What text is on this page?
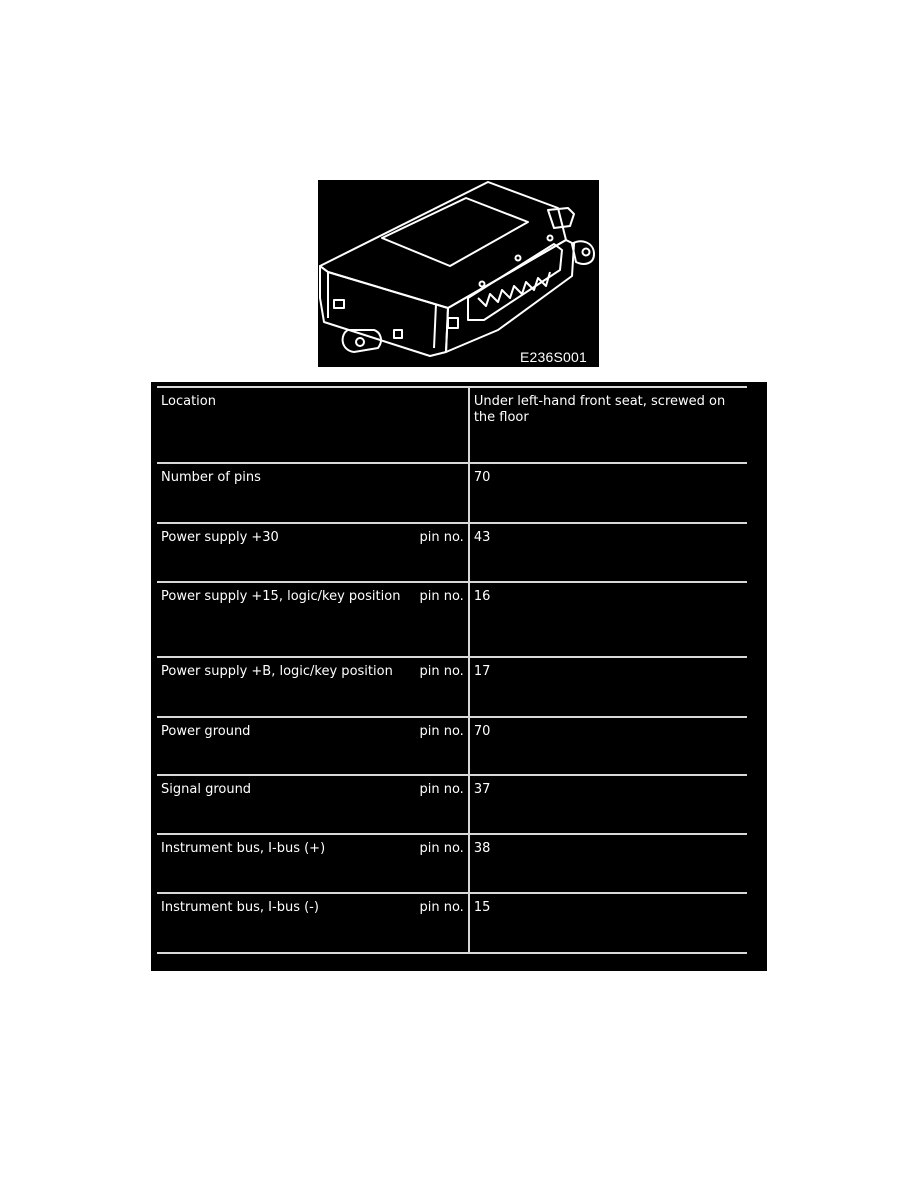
E236S001
Location		Under left-hand front seat, screwed on the floor
Number of pins		70
Power supply +30	pin no.	43
Power supply +15, logic/key position	pin no.	16
Power supply +B, logic/key position	pin no.	17
Power ground	pin no.	70
Signal ground	pin no.	37
Instrument bus, I-bus (+)	pin no.	38
Instrument bus, I-bus (-)	pin no.	15
